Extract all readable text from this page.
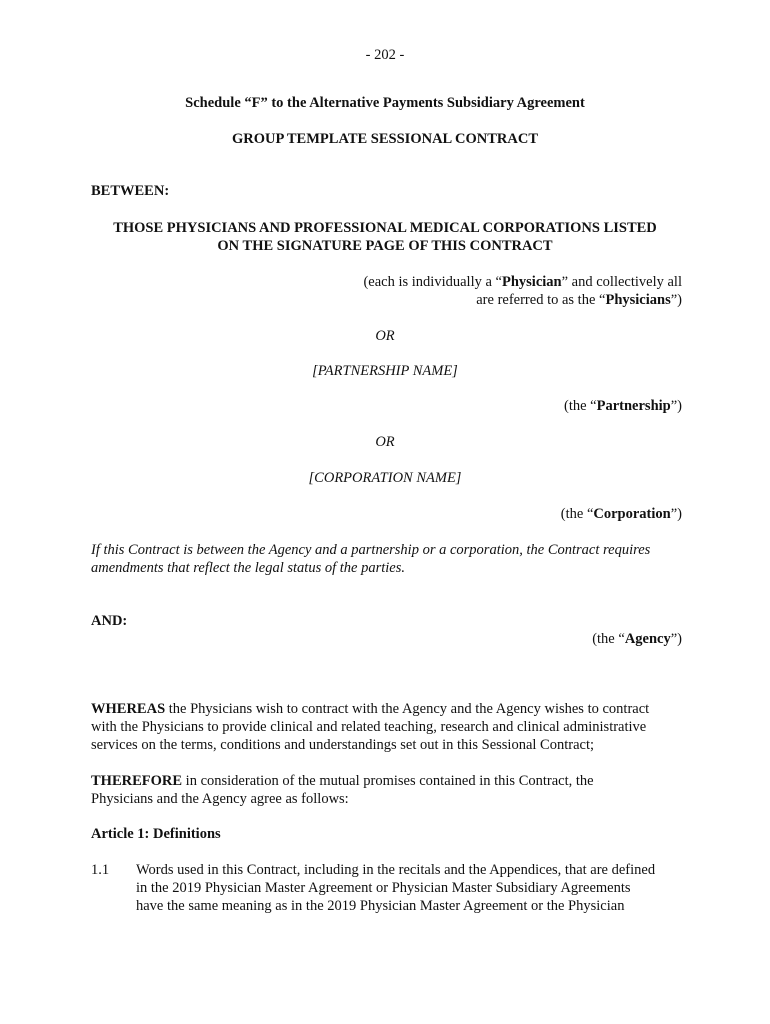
- 202 -
Schedule “F” to the Alternative Payments Subsidiary Agreement
GROUP TEMPLATE SESSIONAL CONTRACT
BETWEEN:
THOSE PHYSICIANS AND PROFESSIONAL MEDICAL CORPORATIONS LISTED
ON THE SIGNATURE PAGE OF THIS CONTRACT
(each is individually a “Physician” and collectively all
are referred to as the “Physicians”)
OR
[PARTNERSHIP NAME]
(the “Partnership”)
OR
[CORPORATION NAME]
(the “Corporation”)
If this Contract is between the Agency and a partnership or a corporation, the Contract requires
amendments that reflect the legal status of the parties.
AND:
(the “Agency”)
WHEREAS the Physicians wish to contract with the Agency and the Agency wishes to contract
with the Physicians to provide clinical and related teaching, research and clinical administrative
services on the terms, conditions and understandings set out in this Sessional Contract;
THEREFORE in consideration of the mutual promises contained in this Contract, the
Physicians and the Agency agree as follows:
Article 1: Definitions
1.1 Words used in this Contract, including in the recitals and the Appendices, that are defined
in the 2019 Physician Master Agreement or Physician Master Subsidiary Agreements
have the same meaning as in the 2019 Physician Master Agreement or the Physician
